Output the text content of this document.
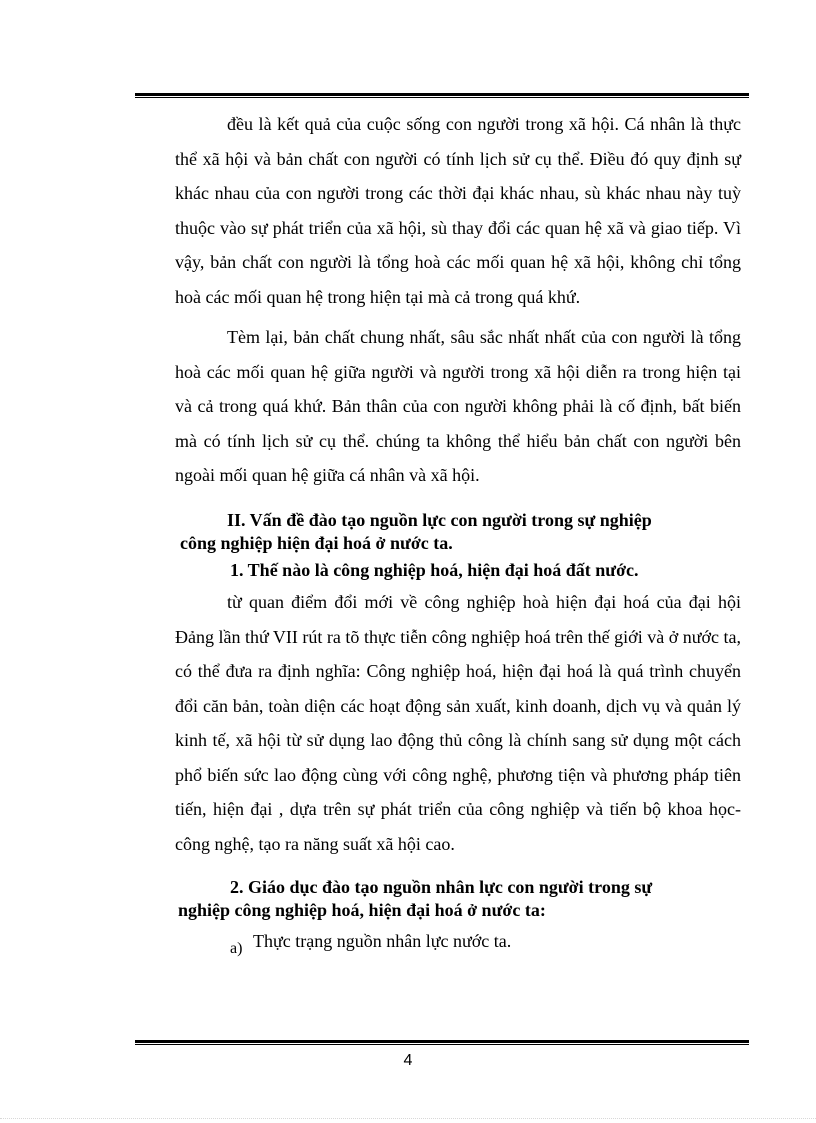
đều là kết quả của cuộc sống con người trong xã hội. Cá nhân là thực thể xã hội và bản chất con người có tính lịch sử cụ thể. Điều đó quy định sự khác nhau của con người trong các thời đại khác nhau, sù khác nhau này tuỳ thuộc vào sự phát triển của xã hội, sù thay đổi các quan hệ xã và giao tiếp. Vì vậy, bản chất con người là tổng hoà các mối quan hệ xã hội, không chỉ tổng hoà các mối quan hệ trong hiện tại mà cả trong quá khứ.

Tèm lại, bản chất chung nhất, sâu sắc nhất nhất của con người là tổng hoà các mối quan hệ giữa người và người trong xã hội diễn ra trong hiện tại và cả trong quá khứ. Bản thân của con người không phải là cố định, bất biến mà có tính lịch sử cụ thể. chúng ta không thể hiểu bản chất con người bên ngoài mối quan hệ giữa cá nhân và xã hội.

II. Vấn đề đào tạo nguồn lực con người trong sự nghiệp
công nghiệp hiện đại hoá ở nước ta.
1. Thế nào là công nghiệp hoá, hiện đại hoá đất nước.

từ quan điểm đổi mới về công nghiệp hoà hiện đại hoá của đại hội Đảng lần thứ VII rút ra tõ thực tiễn công nghiệp hoá trên thế giới và ở nước ta, có thể đưa ra định nghĩa: Công nghiệp hoá, hiện đại hoá là quá trình chuyển đổi căn bản, toàn diện các hoạt động sản xuất, kinh doanh, dịch vụ và quản lý kinh tế, xã hội từ sử dụng lao động thủ công là chính sang sử dụng một cách phổ biến sức lao động cùng với công nghệ, phương tiện và phương pháp tiên tiến, hiện đại , dựa trên sự phát triển của công nghiệp và tiến bộ khoa học- công nghệ, tạo ra năng suất xã hội cao.

2. Giáo dục đào tạo nguồn nhân lực con người trong sự
nghiệp công nghiệp hoá, hiện đại hoá ở nước ta:
a) Thực trạng nguồn nhân lực nước ta.
4
